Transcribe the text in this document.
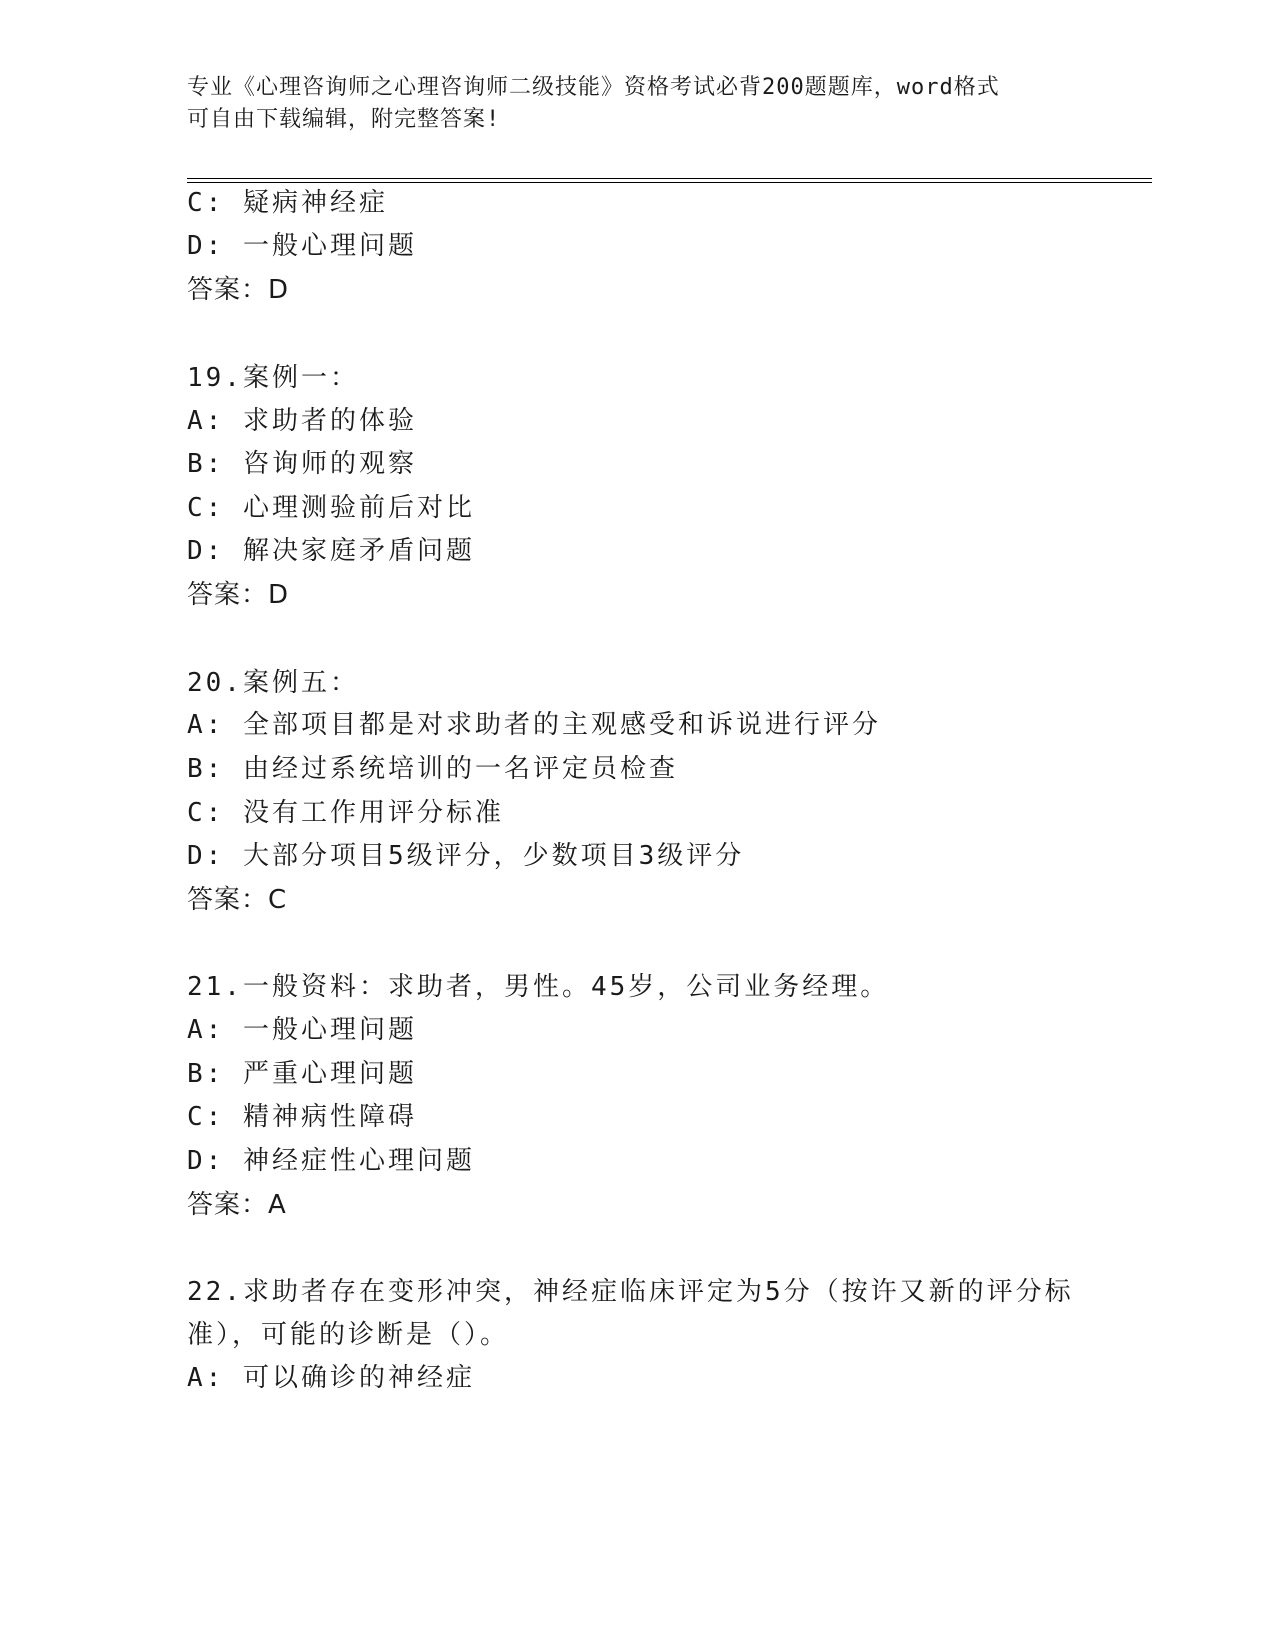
专业《心理咨询师之心理咨询师二级技能》资格考试必背200题题库，word格式
可自由下载编辑，附完整答案!
C: 疑病神经症
D: 一般心理问题
答案：D
19.案例一：
A: 求助者的体验
B: 咨询师的观察
C: 心理测验前后对比
D: 解决家庭矛盾问题
答案：D
20.案例五：
A: 全部项目都是对求助者的主观感受和诉说进行评分
B: 由经过系统培训的一名评定员检查
C: 没有工作用评分标准
D: 大部分项目5级评分，少数项目3级评分
答案：C
21.一般资料：求助者，男性。45岁，公司业务经理。
A: 一般心理问题
B: 严重心理问题
C: 精神病性障碍
D: 神经症性心理问题
答案：A
22.求助者存在变形冲突，神经症临床评定为5分（按许又新的评分标
准），可能的诊断是（）。
A: 可以确诊的神经症
